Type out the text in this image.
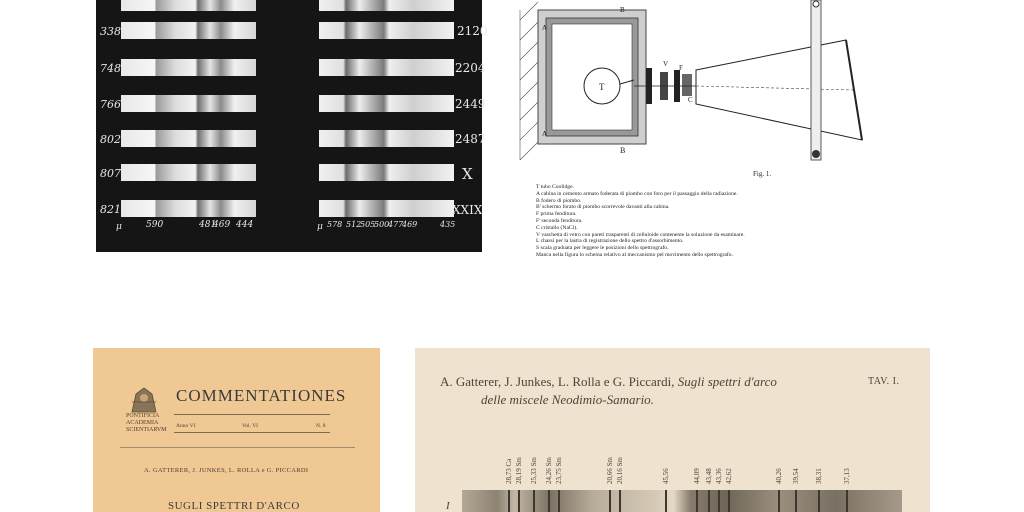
338
748
766
802
807
821
2120
2204
2449
2487
X
XXIX
μ	590	481
469 444	μ 578 512
505
500
477
469	435
A
A
B
B
T
V F
C
Fig. 1.
T tubo Coolidge.
A cabina in cemento armato foderata di piombo con foro per il passaggio della radiazione.
B fodero di piombo.
B' schermo forato di piombo scorrevole davanti alla cabina.
F prima fenditura.
F' seconda fenditura.
C cristallo (NaCl).
V vaschetta di vetro con pareti trasparenti di celluloide contenente la soluzione da esaminare.
L chassì per la lastra di registrazione dello spettro d'assorbimento.
S scala graduata per leggere le posizioni dello spettrografo.
Manca nella figura lo schema relativo al meccanismo pel movimento dello spettrografo.
PONTIFICIA
ACADEMIA
SCIENTIARVM
COMMENTATIONES
Anno VI	Vol. VI	N. 8
A. GATTERER, J. JUNKES, L. ROLLA e G. PICCARDI
SUGLI SPETTRI D'ARCO
A. Gatterer, J. Junkes, L. Rolla e G. Piccardi, Sugli spettri d'arco
delle miscele Neodimio-Samario.
TAV. I.
28,73 Ca 28,19 Sm 25,33 Sm 24,26 Sm 23,75 Sm	20,66 Sm 20,16 Sm	45,56	44,09 43,48 43,36 42,62	40,26 39,54 38,31	37,13
I
